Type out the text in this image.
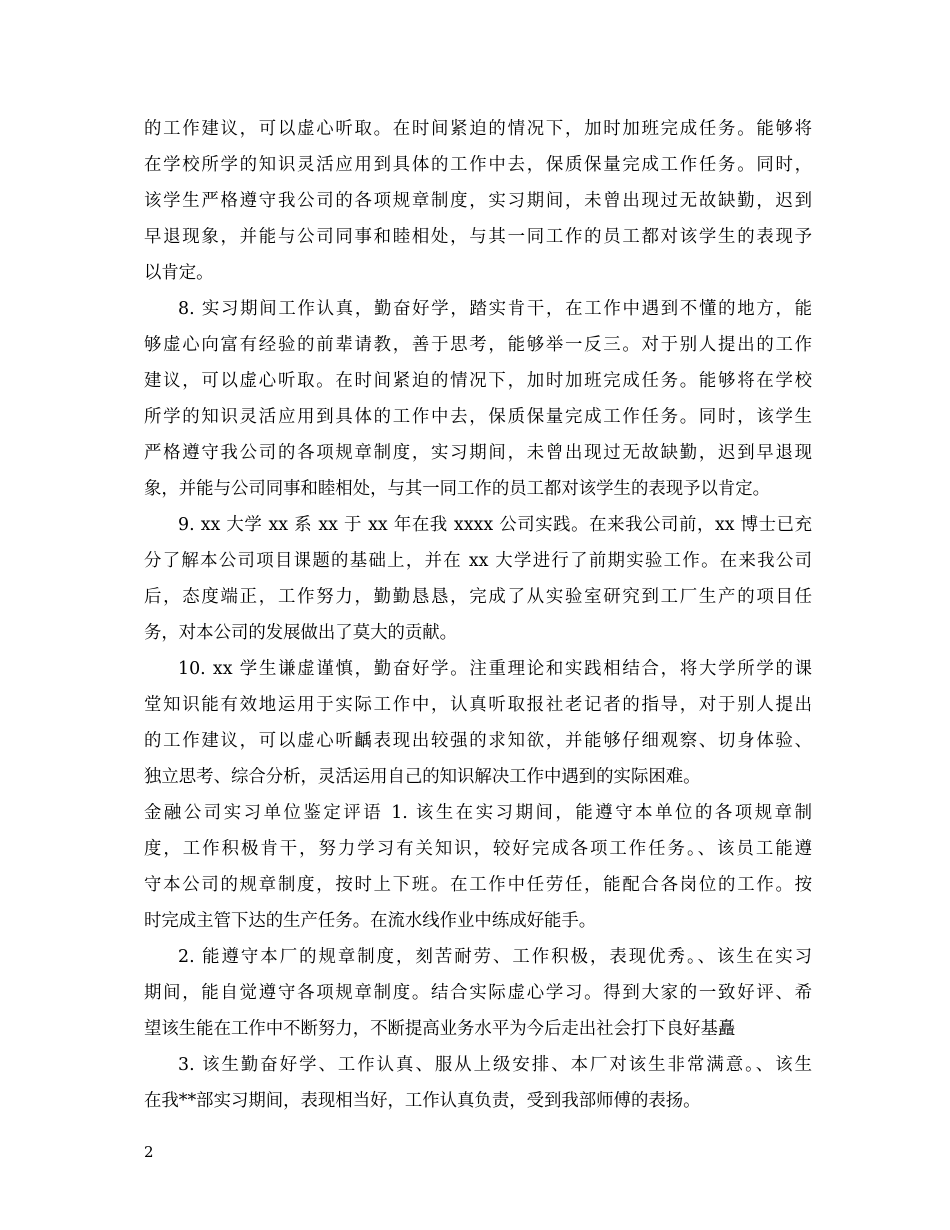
的工作建议，可以虚心听取。在时间紧迫的情况下，加时加班完成任务。能够将
在学校所学的知识灵活应用到具体的工作中去，保质保量完成工作任务。同时，
该学生严格遵守我公司的各项规章制度，实习期间，未曾出现过无故缺勤，迟到
早退现象，并能与公司同事和睦相处，与其一同工作的员工都对该学生的表现予
以肯定。
8. 实习期间工作认真，勤奋好学，踏实肯干，在工作中遇到不懂的地方，能
够虚心向富有经验的前辈请教，善于思考，能够举一反三。对于别人提出的工作
建议，可以虚心听取。在时间紧迫的情况下，加时加班完成任务。能够将在学校
所学的知识灵活应用到具体的工作中去，保质保量完成工作任务。同时，该学生
严格遵守我公司的各项规章制度，实习期间，未曾出现过无故缺勤，迟到早退现
象，并能与公司同事和睦相处，与其一同工作的员工都对该学生的表现予以肯定。
9. xx 大学 xx 系 xx 于 xx 年在我 xxxx 公司实践。在来我公司前，xx 博士已充
分了解本公司项目课题的基础上，并在 xx 大学进行了前期实验工作。在来我公司
后，态度端正，工作努力，勤勤恳恳，完成了从实验室研究到工厂生产的项目任
务，对本公司的发展做出了莫大的贡献。
10. xx 学生谦虚谨慎，勤奋好学。注重理论和实践相结合，将大学所学的课
堂知识能有效地运用于实际工作中，认真听取报社老记者的指导，对于别人提出
的工作建议，可以虚心听齲表现出较强的求知欲，并能够仔细观察、切身体验、
独立思考、综合分析，灵活运用自己的知识解决工作中遇到的实际困难。
金融公司实习单位鉴定评语 1. 该生在实习期间，能遵守本单位的各项规章制
度，工作积极肯干，努力学习有关知识，较好完成各项工作任务。、该员工能遵
守本公司的规章制度，按时上下班。在工作中任劳任，能配合各岗位的工作。按
时完成主管下达的生产任务。在流水线作业中练成好能手。
2. 能遵守本厂的规章制度，刻苦耐劳、工作积极，表现优秀。、该生在实习
期间，能自觉遵守各项规章制度。结合实际虚心学习。得到大家的一致好评、希
望该生能在工作中不断努力，不断提高业务水平为今后走出社会打下良好基矗
3. 该生勤奋好学、工作认真、服从上级安排、本厂对该生非常满意。、该生
在我**部实习期间，表现相当好，工作认真负责，受到我部师傅的表扬。
2
